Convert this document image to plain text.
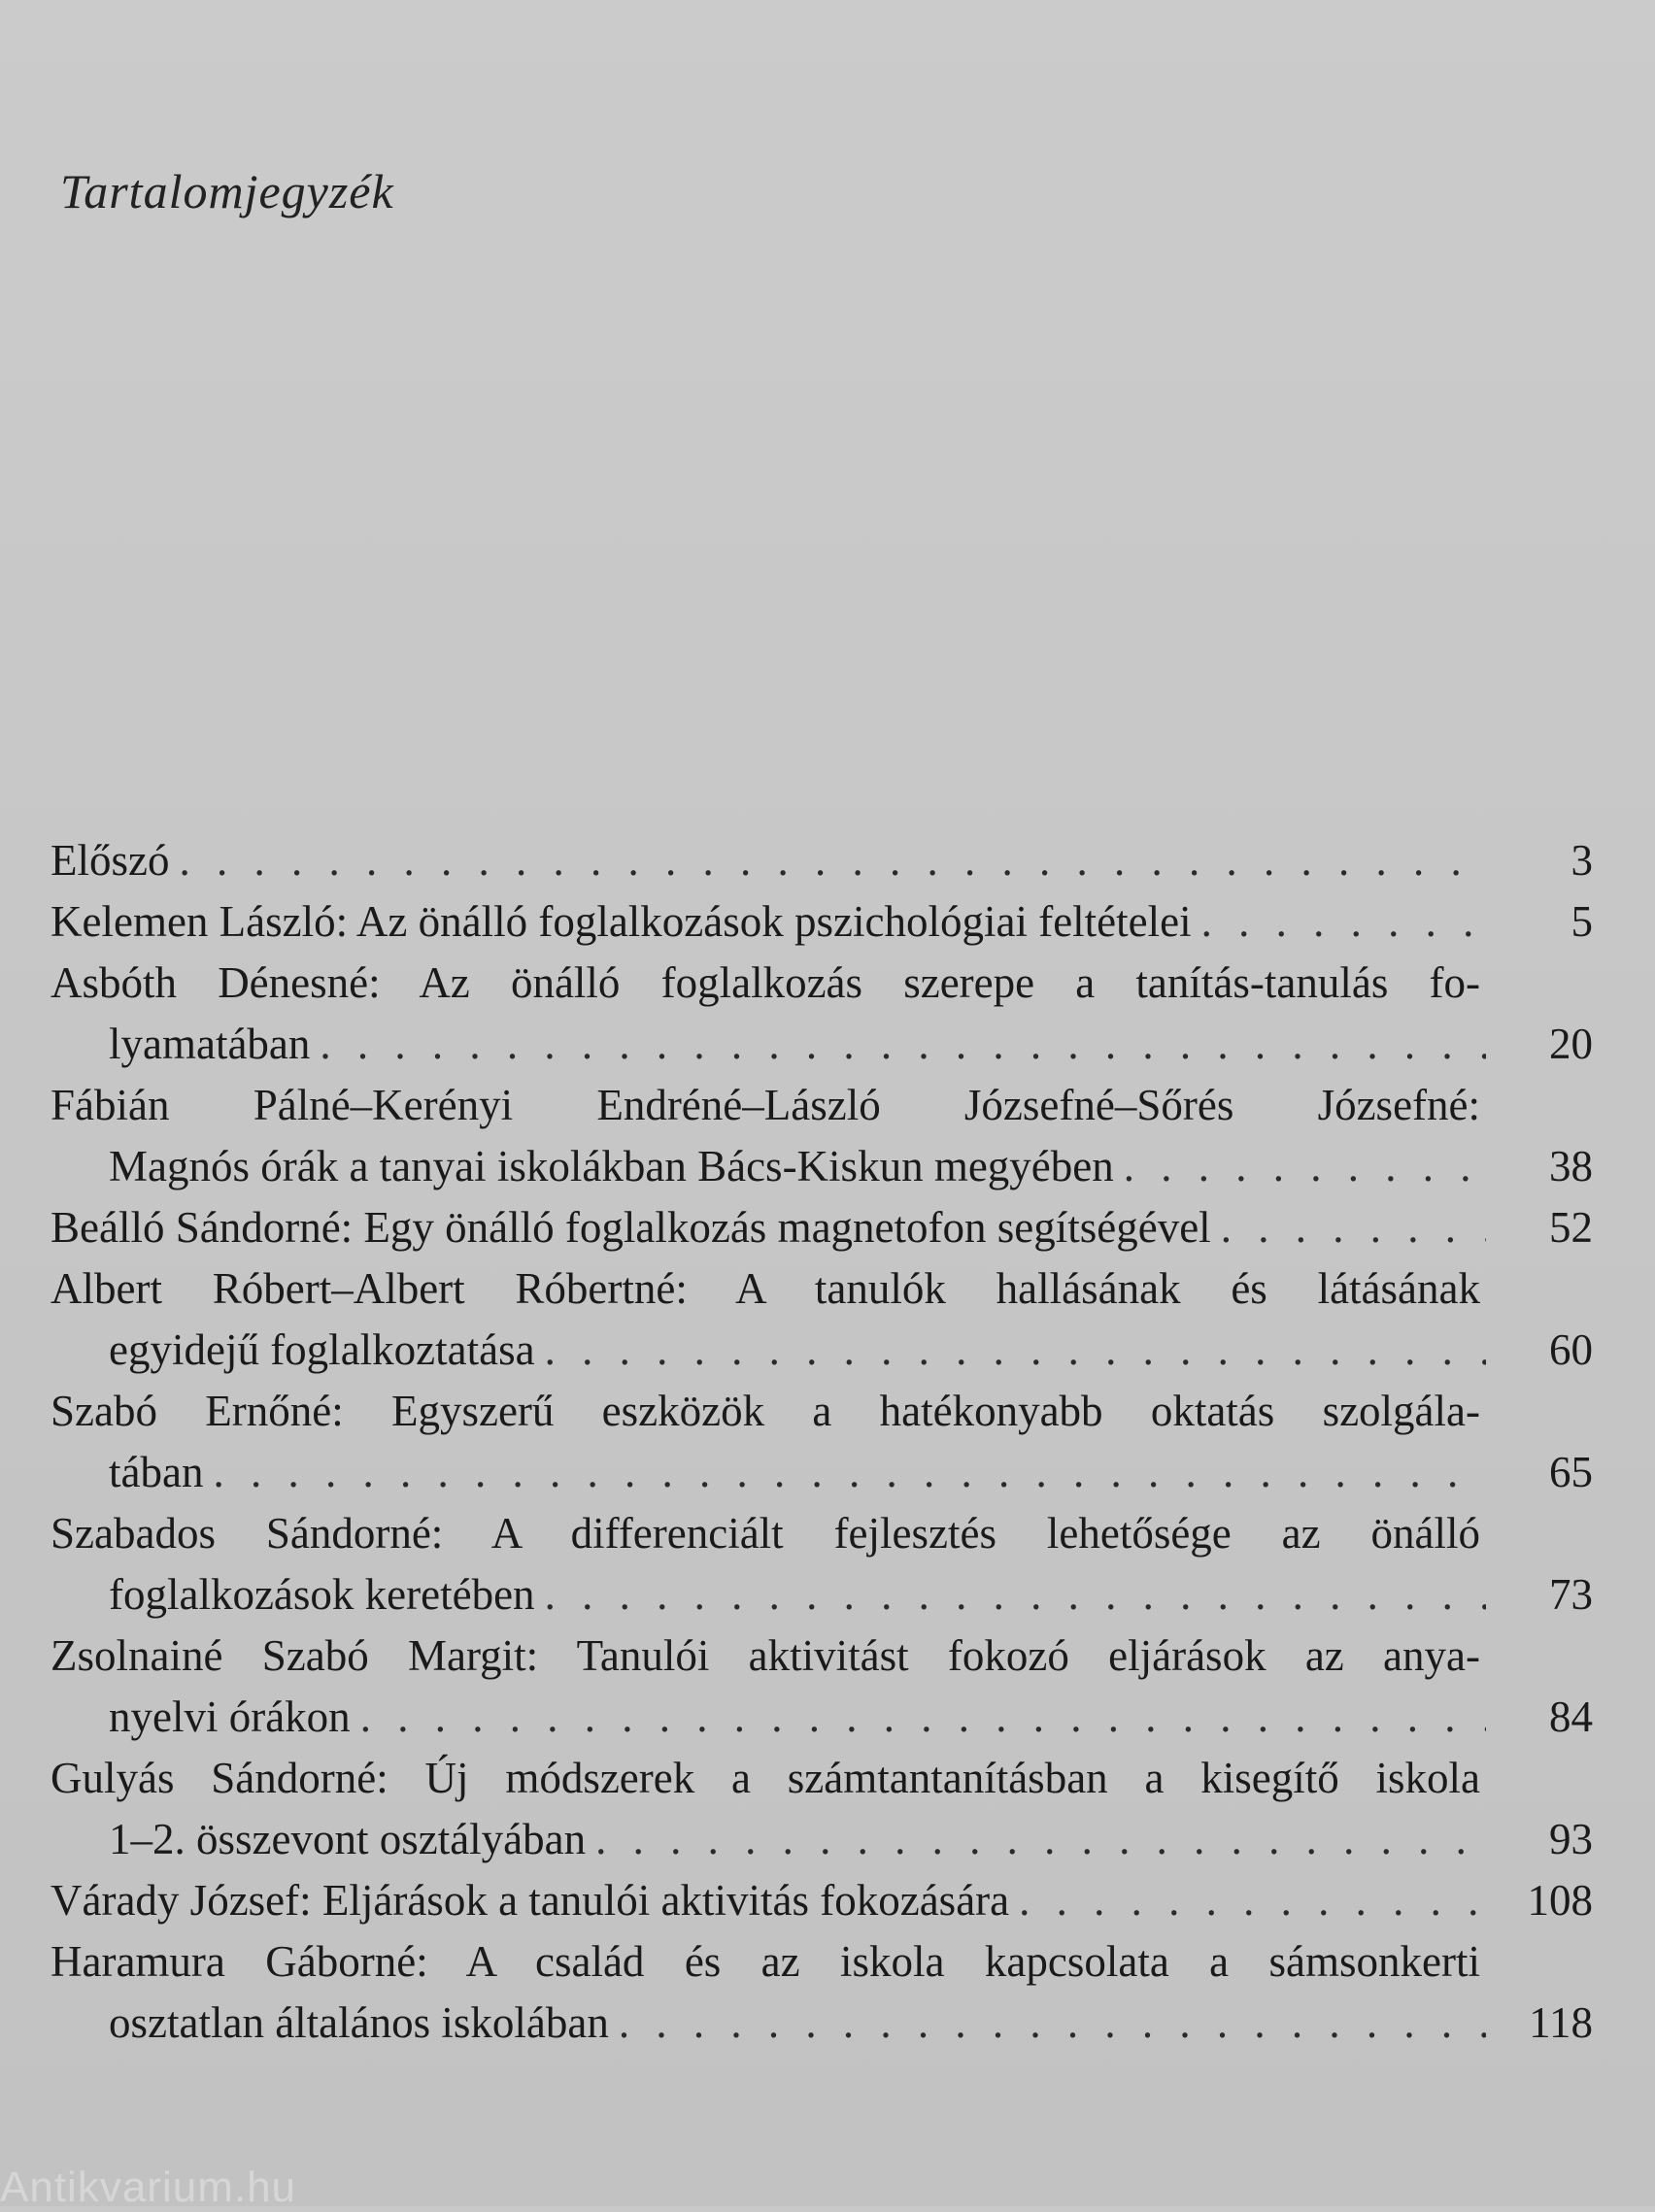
Tartalomjegyzék
Előszó . . .	3
Kelemen László: Az önálló foglalkozások pszichológiai feltételei . . .	5
Asbóth Dénesné: Az önálló foglalkozás szerepe a tanítás-tanulás fo-
lyamatában . . .	20
Fábián Pálné–Kerényi Endréné–László Józsefné–Sőrés Józsefné:
Magnós órák a tanyai iskolákban Bács-Kiskun megyében . . .	38
Beálló Sándorné: Egy önálló foglalkozás magnetofon segítségével . . .	52
Albert Róbert–Albert Róbertné: A tanulók hallásának és látásának
egyidejű foglalkoztatása . . .	60
Szabó Ernőné: Egyszerű eszközök a hatékonyabb oktatás szolgála-
tában . . .	65
Szabados Sándorné: A differenciált fejlesztés lehetősége az önálló
foglalkozások keretében . . .	73
Zsolnainé Szabó Margit: Tanulói aktivitást fokozó eljárások az anya-
nyelvi órákon . . .	84
Gulyás Sándorné: Új módszerek a számtantanításban a kisegítő iskola
1–2. összevont osztályában . . .	93
Várady József: Eljárások a tanulói aktivitás fokozására . . .	108
Haramura Gáborné: A család és az iskola kapcsolata a sámsonkerti
osztatlan általános iskolában . . .	118
Antikvarium.hu
